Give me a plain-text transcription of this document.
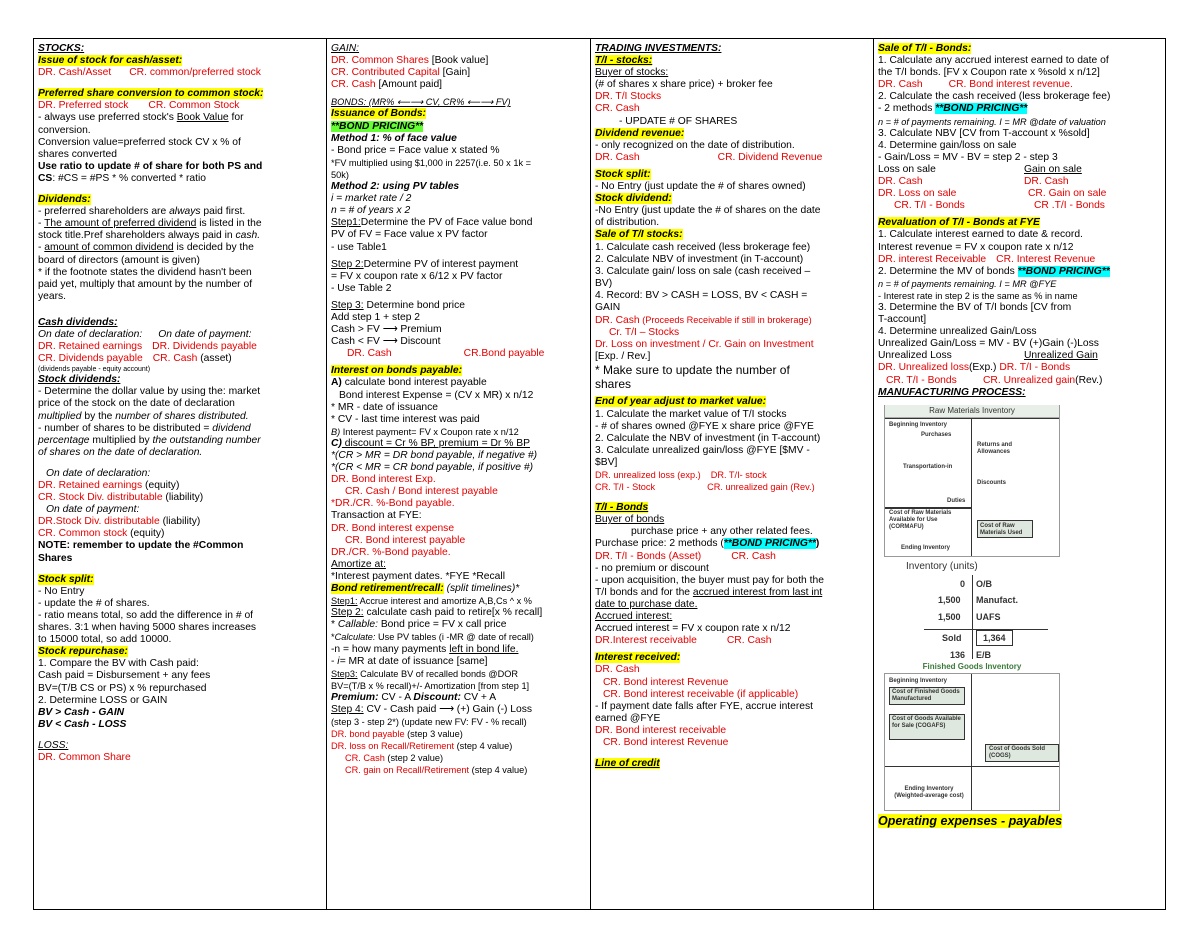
STOCKS:
Issue of stock for cash/asset:
DR. Cash/Asset CR. common/preferred stock
Preferred share conversion to common stock:
DR. Preferred stock CR. Common Stock
- always use preferred stock's Book Value for
conversion.
Conversion value=preferred stock CV x % of
shares converted
Use ratio to update # of share for both PS and
CS: #CS = #PS * % converted * ratio
Dividends:
- preferred shareholders are always paid first.
- The amount of preferred dividend is listed in the
stock title.Pref shareholders always paid in cash.
- amount of common dividend is decided by the
board of directors (amount is given)
* if the footnote states the dividend hasn't been
paid yet, multiply that amount by the number of
years.
Cash dividends:
On date of declaration: On date of payment:
DR. Retained earnings DR. Dividends payable
CR. Dividends payable CR. Cash (asset)
(dividends payable - equity account)
Stock dividends:
- Determine the dollar value by using the: market
price of the stock on the date of declaration
multiplied by the number of shares distributed.
- number of shares to be distributed = dividend
percentage multiplied by the outstanding number
of shares on the date of declaration.
On date of declaration:
DR. Retained earnings (equity)
CR. Stock Div. distributable (liability)
On date of payment:
DR.Stock Div. distributable (liability)
CR. Common stock (equity)
NOTE: remember to update the #Common
Shares
Stock split:
- No Entry
- update the # of shares.
- ratio means total, so add the difference in # of
shares. 3:1 when having 5000 shares increases
to 15000 total, so add 10000.
Stock repurchase:
1. Compare the BV with Cash paid:
Cash paid = Disbursement + any fees
BV=(T/B CS or PS) x % repurchased
2. Determine LOSS or GAIN
BV > Cash - GAIN
BV < Cash - LOSS
LOSS:
DR. Common Share
GAIN:
DR. Common Shares [Book value]
CR. Contributed Capital [Gain]
CR. Cash [Amount paid]
BONDS: (MR% ⟵⟶ CV, CR% ⟵⟶ FV)
Issuance of Bonds:
**BOND PRICING**
Method 1: % of face value
- Bond price = Face value x stated %
*FV multiplied using $1,000 in 2257(i.e. 50 x 1k =
50k)
Method 2: using PV tables
i = market rate / 2
n = # of years x 2
Step1:Determine the PV of Face value bond
PV of FV = Face value x PV factor
- use Table1
Step 2:Determine PV of interest payment
= FV x coupon rate x 6/12 x PV factor
- Use Table 2
Step 3: Determine bond price
Add step 1 + step 2
Cash > FV ⟶ Premium
Cash < FV ⟶ Discount
DR. Cash	CR.Bond payable
Interest on bonds payable:
A) calculate bond interest payable
Bond interest Expense = (CV x MR) x n/12
* MR - date of issuance
* CV - last time interest was paid
B) Interest payment= FV x Coupon rate x n/12
C) discount = Cr % BP, premium = Dr % BP
*(CR > MR = DR bond payable, if negative #)
*(CR < MR = CR bond payable, if positive #)
DR. Bond interest Exp.
CR. Cash / Bond interest payable
*DR./CR. %-Bond payable.
Transaction at FYE:
DR. Bond interest expense
CR. Bond interest payable
DR./CR. %-Bond payable.
Amortize at:
*Interest payment dates. *FYE *Recall
Bond retirement/recall: (split timelines)*
Step1: Accrue interest and amortize A,B,Cs ^ x %
Step 2: calculate cash paid to retire[x % recall]
* Callable: Bond price = FV x call price
*Calculate: Use PV tables (i -MR @ date of recall)
-n = how many payments left in bond life.
- i= MR at date of issuance [same]
Step3: Calculate BV of recalled bonds @DOR
BV=(T/B x % recall)+/- Amortization [from step 1]
Premium: CV - A Discount: CV + A
Step 4: CV - Cash paid ⟶ (+) Gain (-) Loss
(step 3 - step 2*) (update new FV: FV - % recall)
DR. bond payable (step 3 value)
DR. loss on Recall/Retirement (step 4 value)
CR. Cash (step 2 value)
CR. gain on Recall/Retirement (step 4 value)
TRADING INVESTMENTS:
T/I - stocks:
Buyer of stocks:
(# of shares x share price) + broker fee
DR. T/I Stocks
CR. Cash
- UPDATE # OF SHARES
Dividend revenue:
- only recognized on the date of distribution.
DR. Cash	CR. Dividend Revenue
Stock split:
- No Entry (just update the # of shares owned)
Stock dividend:
-No Entry (just update the # of shares on the date
of distribution.
Sale of T/I stocks:
1. Calculate cash received (less brokerage fee)
2. Calculate NBV of investment (in T-account)
3. Calculate gain/ loss on sale (cash received –
BV)
4. Record: BV > CASH = LOSS, BV < CASH =
GAIN
DR. Cash (Proceeds Receivable if still in brokerage)
Cr. T/I – Stocks
Dr. Loss on investment / Cr. Gain on Investment
[Exp. / Rev.]
* Make sure to update the number of
shares
End of year adjust to market value:
1. Calculate the market value of T/I stocks
- # of shares owned @FYE x share price @FYE
2. Calculate the NBV of investment (in T-account)
3. Calculate unrealized gain/loss @FYE [$MV -
$BV]
DR. unrealized loss (exp.) DR. T/I- stock
CR. T/I - Stock	CR. unrealized gain (Rev.)
T/I - Bonds
Buyer of bonds
purchase price + any other related fees.
Purchase price: 2 methods (**BOND PRICING**)
DR. T/I - Bonds (Asset)	CR. Cash
- no premium or discount
- upon acquisition, the buyer must pay for both the
T/I bonds and for the accrued interest from last int
date to purchase date.
Accrued interest:
Accrued interest = FV x coupon rate x n/12
DR.Interest receivable	CR. Cash
Interest received:
DR. Cash
CR. Bond interest Revenue
CR. Bond interest receivable (if applicable)
- If payment date falls after FYE, accrue interest
earned @FYE
DR. Bond interest receivable
CR. Bond interest Revenue
Line of credit
Sale of T/I - Bonds:
1. Calculate any accrued interest earned to date of
the T/I bonds. [FV x Coupon rate x %sold x n/12]
DR. Cash	CR. Bond interest revenue.
2. Calculate the cash received (less brokerage fee)
- 2 methods **BOND PRICING**
n = # of payments remaining. I = MR @date of valuation
3. Calculate NBV [CV from T-account x %sold]
4. Determine gain/loss on sale
- Gain/Loss = MV - BV = step 2 - step 3
Loss on sale	Gain on sale
DR. Cash	DR. Cash
DR. Loss on sale	CR. Gain on sale
CR. T/I - Bonds	CR .T/I - Bonds
Revaluation of T/I - Bonds at FYE
1. Calculate interest earned to date & record.
Interest revenue = FV x coupon rate x n/12
DR. interest Receivable CR. Interest Revenue
2. Determine the MV of bonds **BOND PRICING**
n = # of payments remaining. I = MR @FYE
- Interest rate in step 2 is the same as % in name
3. Determine the BV of T/I bonds [CV from
T-account]
4. Determine unrealized Gain/Loss
Unrealized Gain/Loss = MV - BV (+)Gain (-)Loss
Unrealized Loss	Unrealized Gain
DR. Unrealized loss(Exp.) DR. T/I - Bonds
CR. T/I - Bonds	CR. Unrealized gain(Rev.)
MANUFACTURING PROCESS:
Raw Materials Inventory
Beginning Inventory
Purchases
Returns and Allowances
Transportation-in
Discounts
Duties
Cost of Raw Materials Available for Use (CORMAFU)	Cost of Raw Materials Used
Ending Inventory
Inventory (units)
0 O/B
1,500 Manufact.
1,500 UAFS
Sold	1,364
136 E/B
Finished Goods Inventory
Beginning Inventory
Cost of Finished Goods Manufactured
Cost of Goods Available for Sale (COGAFS)
Cost of Goods Sold (COGS)
Ending Inventory (Weighted-average cost)
Operating expenses - payables
